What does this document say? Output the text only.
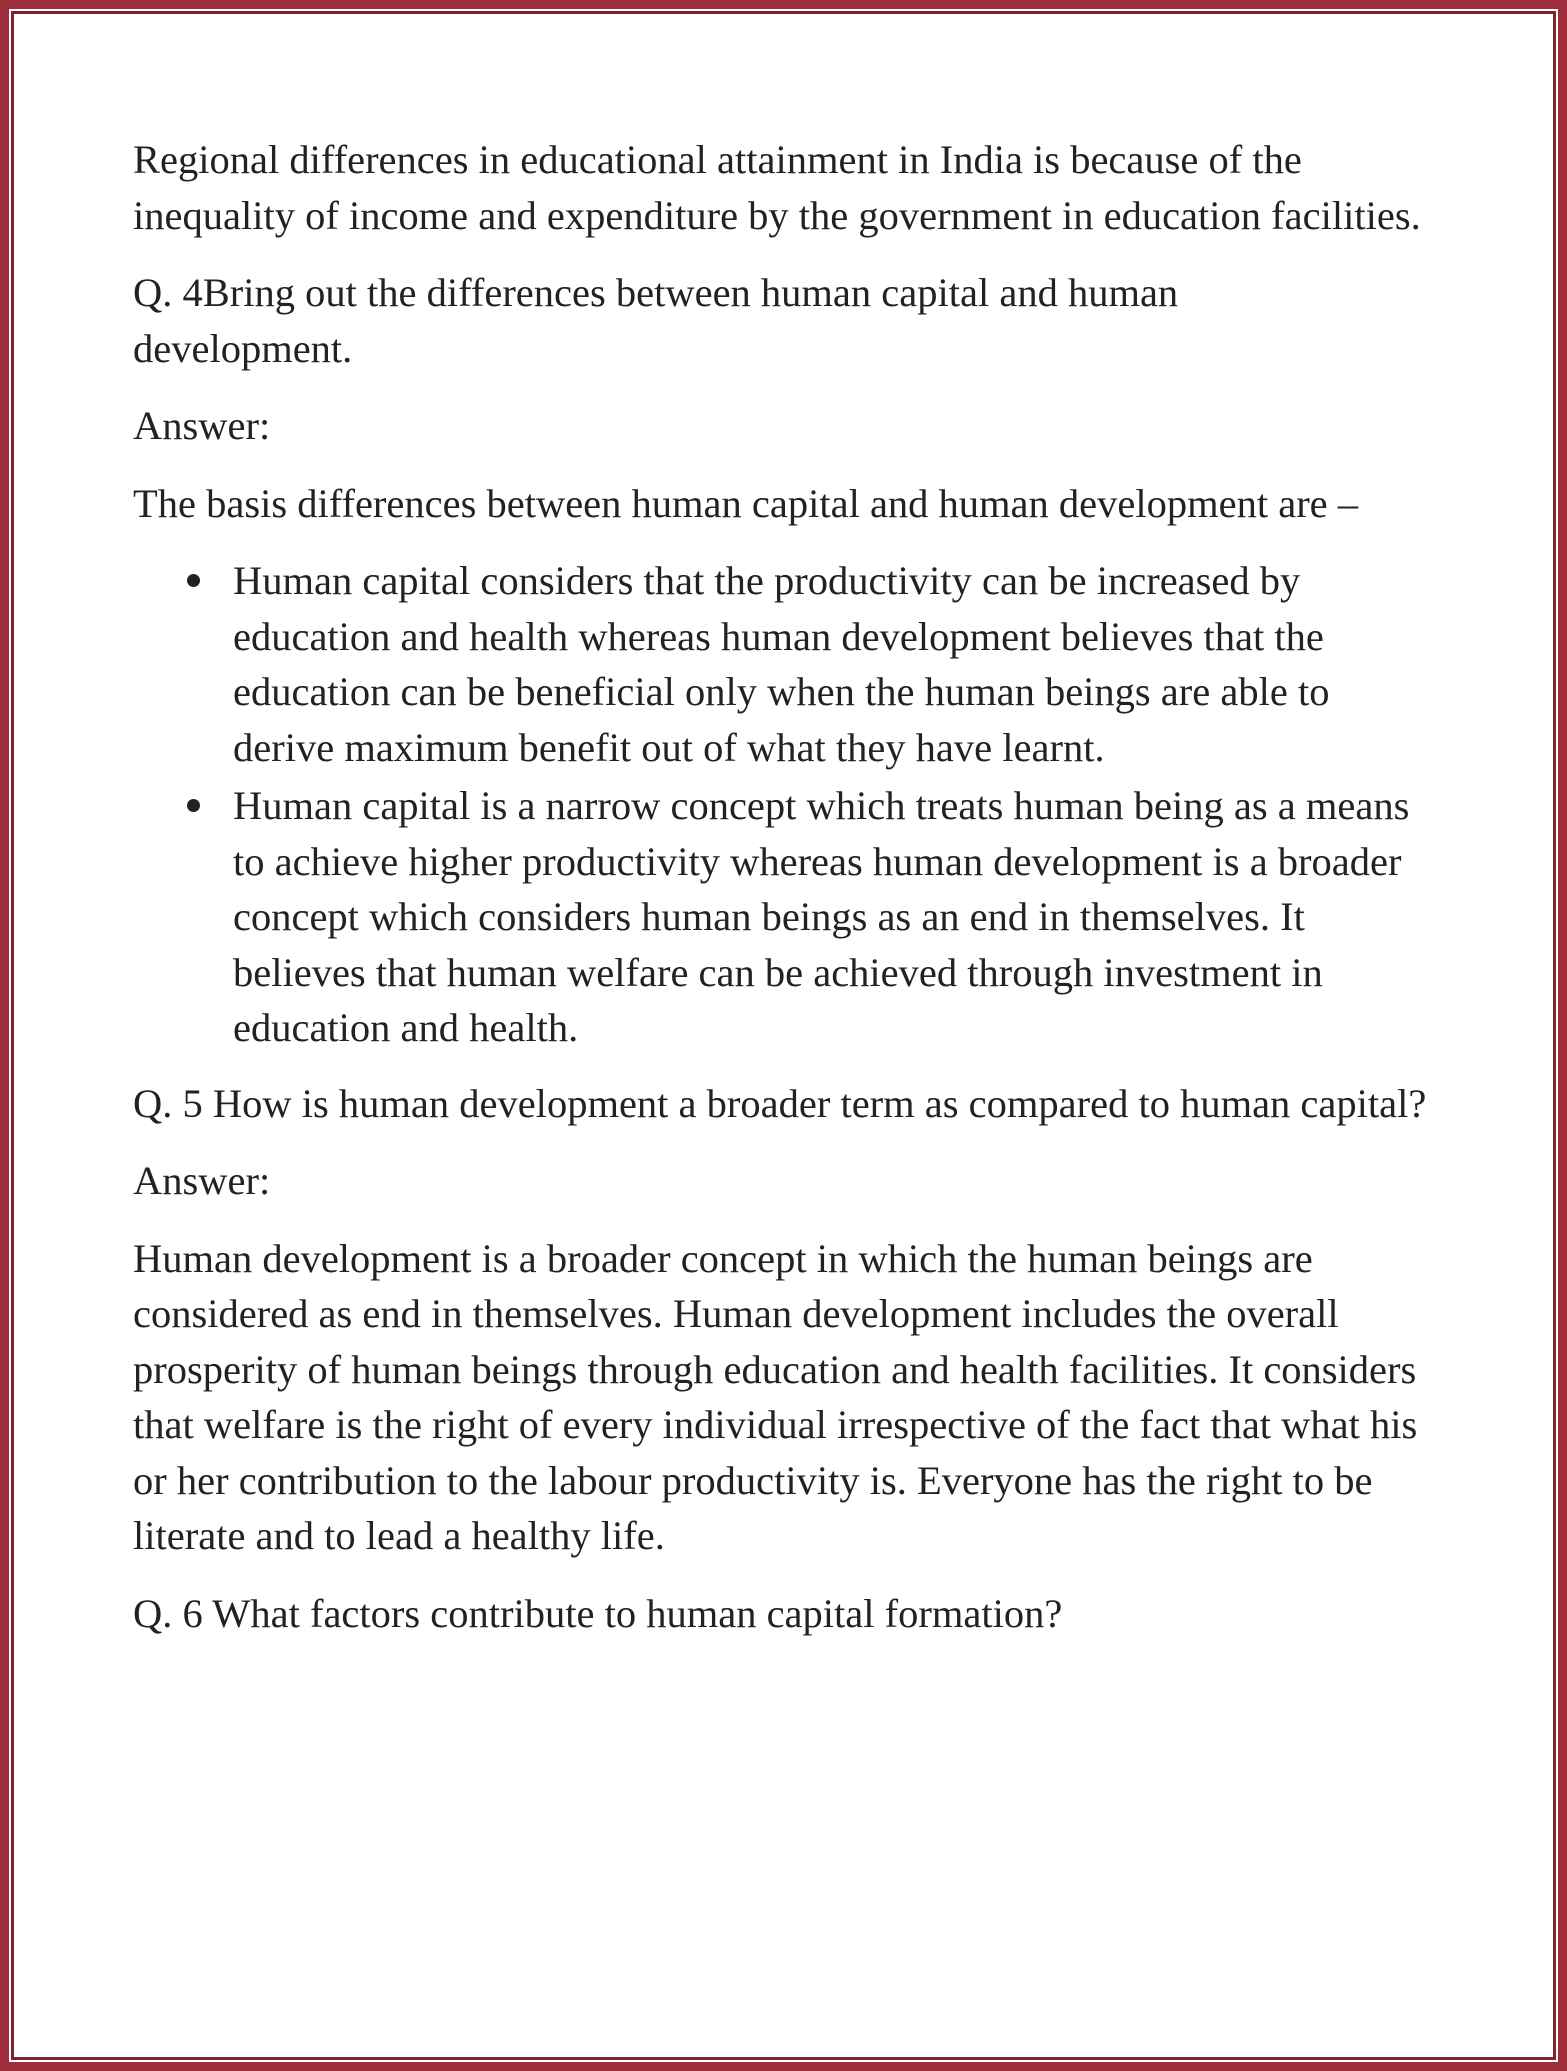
Regional differences in educational attainment in India is because of the inequality of income and expenditure by the government in education facilities.

Q. 4Bring out the differences between human capital and human development.

Answer:

The basis differences between human capital and human development are –

Human capital considers that the productivity can be increased by education and health whereas human development believes that the education can be beneficial only when the human beings are able to derive maximum benefit out of what they have learnt.
Human capital is a narrow concept which treats human being as a means to achieve higher productivity whereas human development is a broader concept which considers human beings as an end in themselves. It believes that human welfare can be achieved through investment in education and health.

Q. 5 How is human development a broader term as compared to human capital?

Answer:

Human development is a broader concept in which the human beings are considered as end in themselves. Human development includes the overall prosperity of human beings through education and health facilities. It considers that welfare is the right of every individual irrespective of the fact that what his or her contribution to the labour productivity is. Everyone has the right to be literate and to lead a healthy life.

Q. 6 What factors contribute to human capital formation?
